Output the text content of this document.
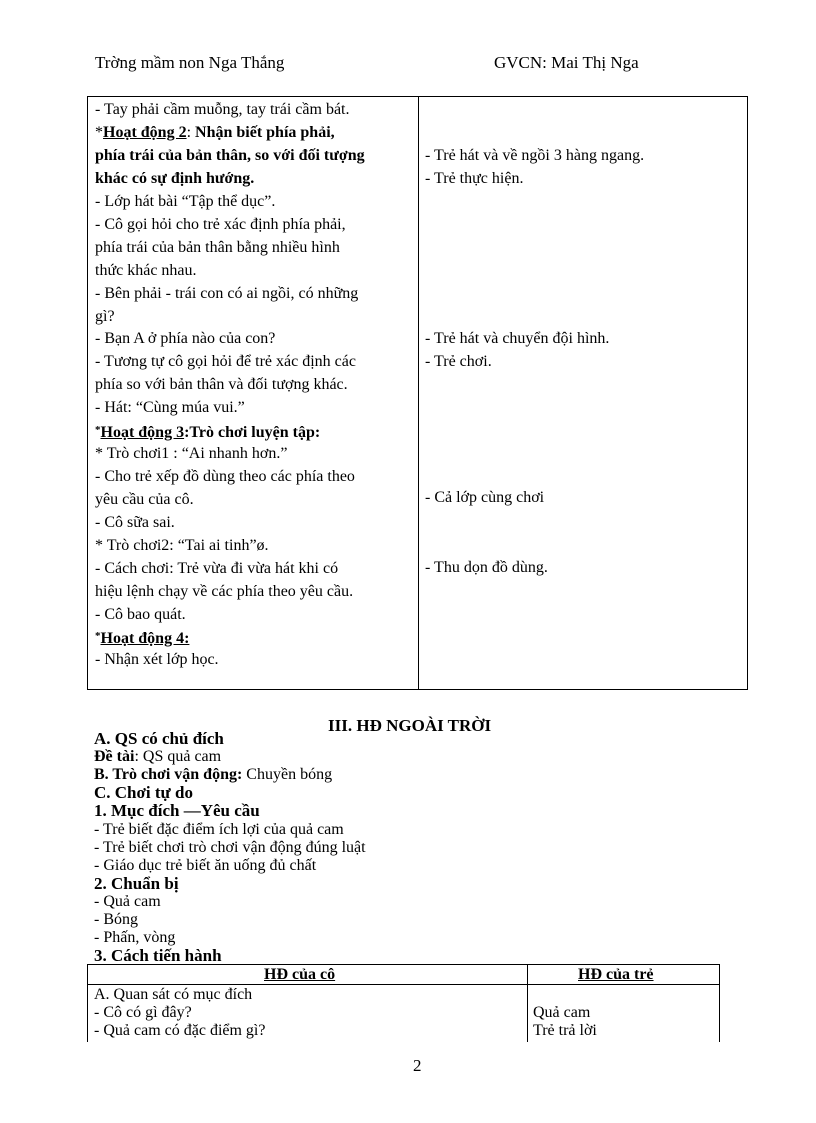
Trờng mầm non Nga Thắng	GVCN: Mai Thị Nga
- Tay phải cầm muỗng, tay trái cầm bát.
*Hoạt động 2: Nhận biết phía phải,
phía trái của bản thân, so với đối tượng
khác có sự định hướng.
- Lớp hát bài “Tập thể dục”.
- Cô gọi hỏi cho trẻ xác định phía phải,
phía trái của bản thân bằng nhiều hình
thức khác nhau.
- Bên phải - trái con có ai ngồi, có những
gì?
- Bạn A ở phía nào của con?
- Tương tự cô gọi hỏi để trẻ xác định các
phía so với bản thân và đối tượng khác.
- Hát: “Cùng múa vui.”
*Hoạt động 3:Trò chơi luyện tập:
* Trò chơi1 : “Ai nhanh hơn.”
- Cho trẻ xếp đồ dùng theo các phía theo
yêu cầu của cô.
- Cô sữa sai.
* Trò chơi2: “Tai ai tinh”ø.
- Cách chơi: Trẻ vừa đi vừa hát khi có
hiệu lệnh chạy về các phía theo yêu cầu.
- Cô bao quát.
*Hoạt động 4:
- Nhận xét lớp học.
- Trẻ hát và về ngồi 3 hàng ngang.
- Trẻ thực hiện.
- Trẻ hát và chuyển đội hình.
- Trẻ chơi.
- Cả lớp cùng chơi
- Thu dọn đồ dùng.
III. HĐ NGOÀI TRỜI
A. QS có chủ đích
Đề tài: QS quả cam
B. Trò chơi vận động: Chuyền bóng
C. Chơi tự do
1. Mục đích —Yêu cầu
- Trẻ biết đặc điểm ích lợi của quả cam
- Trẻ biết chơi trò chơi vận động đúng luật
- Giáo dục trẻ biết ăn uống đủ chất
2. Chuẩn bị
- Quả cam
- Bóng
- Phấn, vòng
3. Cách tiến hành
HĐ của cô	HĐ của trẻ
A. Quan sát có mục đích
- Cô có gì đây?
- Quả cam có đặc điểm gì?
Quả cam
Trẻ trả lời
2
